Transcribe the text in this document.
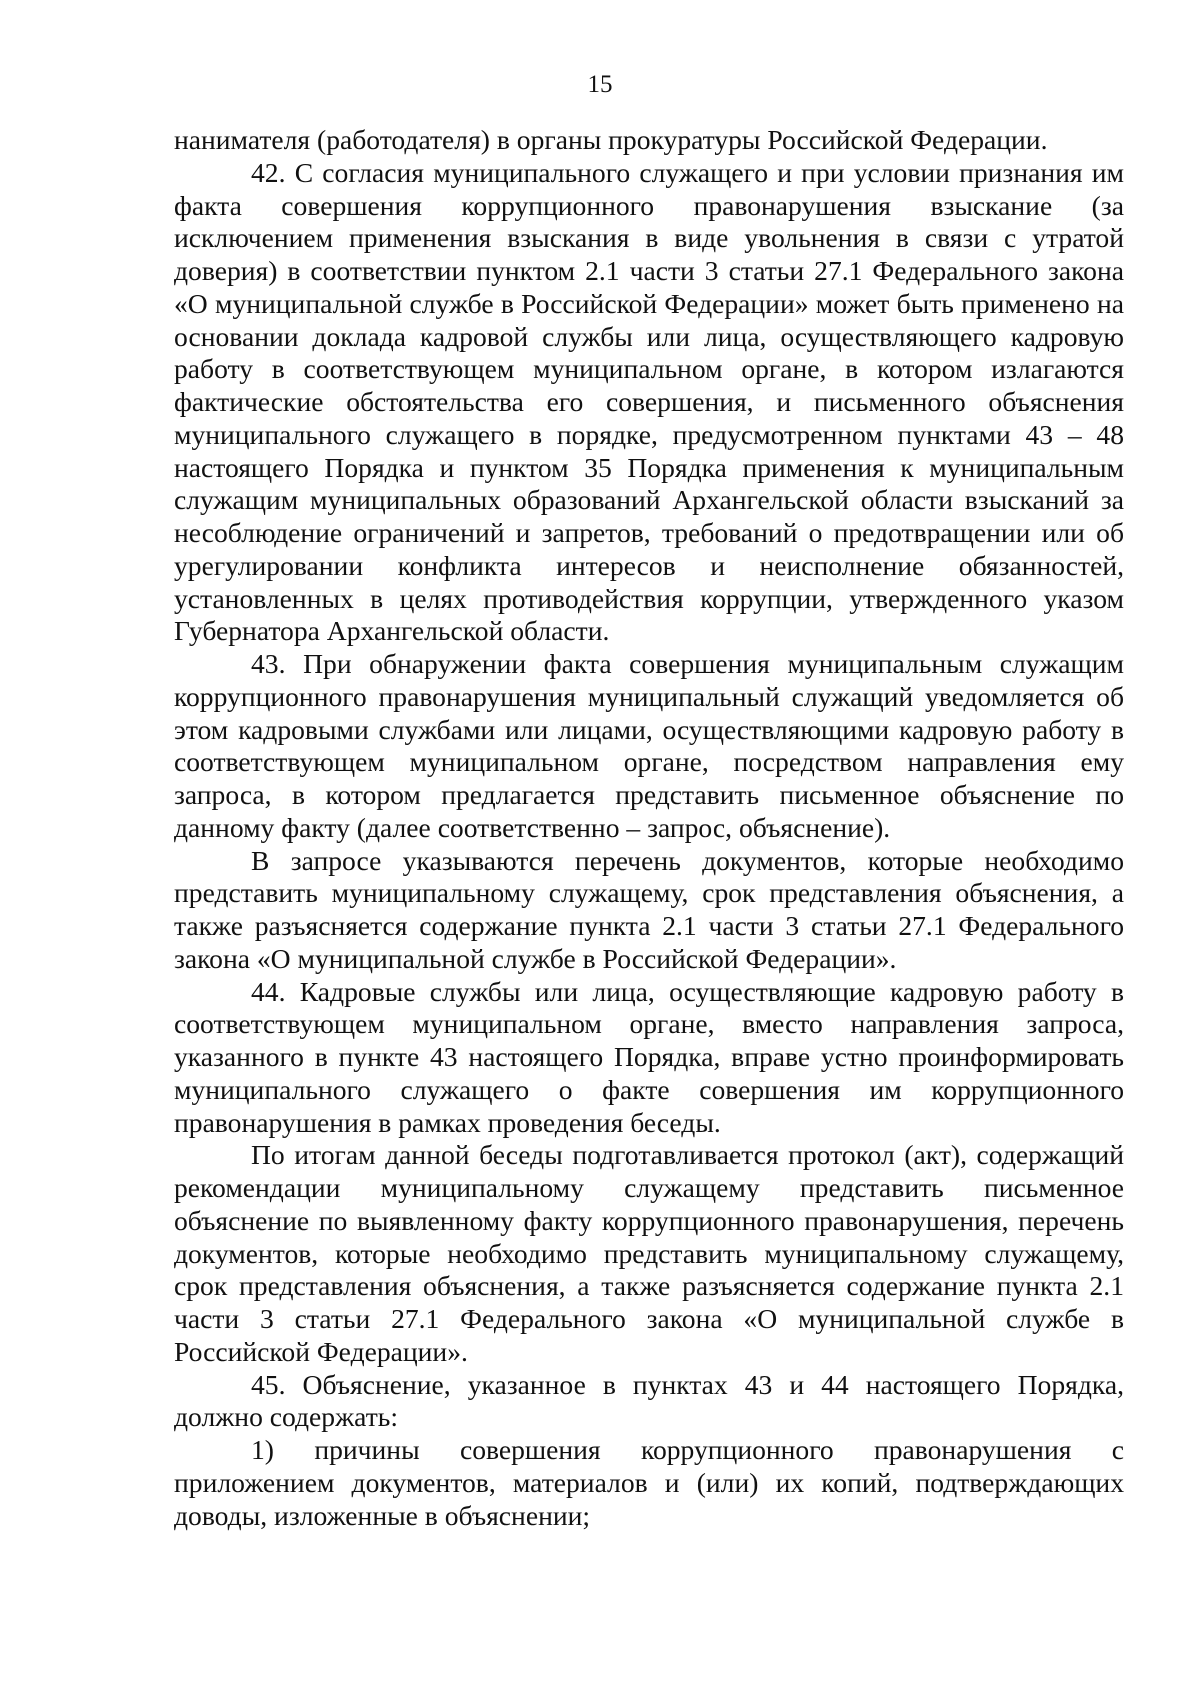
15

нанимателя (работодателя) в органы прокуратуры Российской Федерации.

42. С согласия муниципального служащего и при условии признания им факта совершения коррупционного правонарушения взыскание (за исключением применения взыскания в виде увольнения в связи с утратой доверия) в соответствии пунктом 2.1 части 3 статьи 27.1 Федерального закона «О муниципальной службе в Российской Федерации» может быть применено на основании доклада кадровой службы или лица, осуществляющего кадровую работу в соответствующем муниципальном органе, в котором излагаются фактические обстоятельства его совершения, и письменного объяснения муниципального служащего в порядке, предусмотренном пунктами 43 – 48 настоящего Порядка и пунктом 35 Порядка применения к муниципальным служащим муниципальных образований Архангельской области взысканий за несоблюдение ограничений и запретов, требований о предотвращении или об урегулировании конфликта интересов и неисполнение обязанностей, установленных в целях противодействия коррупции, утвержденного указом Губернатора Архангельской области.

43. При обнаружении факта совершения муниципальным служащим коррупционного правонарушения муниципальный служащий уведомляется об этом кадровыми службами или лицами, осуществляющими кадровую работу в соответствующем муниципальном органе, посредством направления ему запроса, в котором предлагается представить письменное объяснение по данному факту (далее соответственно – запрос, объяснение).

В запросе указываются перечень документов, которые необходимо представить муниципальному служащему, срок представления объяснения, а также разъясняется содержание пункта 2.1 части 3 статьи 27.1 Федерального закона «О муниципальной службе в Российской Федерации».

44. Кадровые службы или лица, осуществляющие кадровую работу в соответствующем муниципальном органе, вместо направления запроса, указанного в пункте 43 настоящего Порядка, вправе устно проинформировать муниципального служащего о факте совершения им коррупционного правонарушения в рамках проведения беседы.

По итогам данной беседы подготавливается протокол (акт), содержащий рекомендации муниципальному служащему представить письменное объяснение по выявленному факту коррупционного правонарушения, перечень документов, которые необходимо представить муниципальному служащему, срок представления объяснения, а также разъясняется содержание пункта 2.1 части 3 статьи 27.1 Федерального закона «О муниципальной службе в Российской Федерации».

45. Объяснение, указанное в пунктах 43 и 44 настоящего Порядка, должно содержать:

1) причины совершения коррупционного правонарушения с приложением документов, материалов и (или) их копий, подтверждающих доводы, изложенные в объяснении;
